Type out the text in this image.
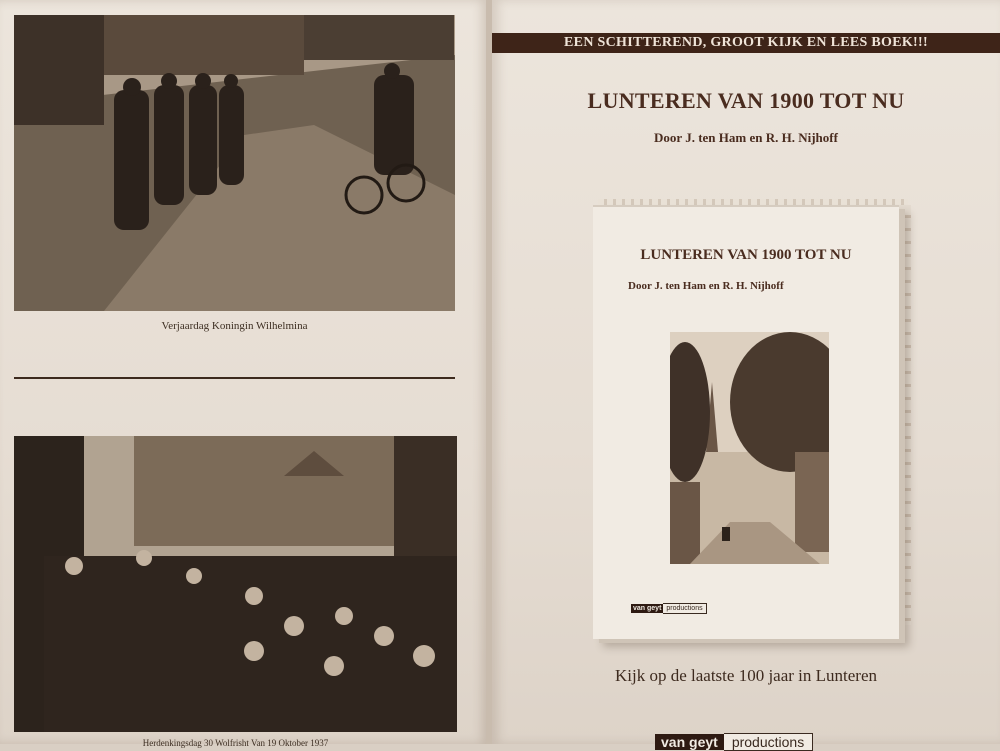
Verjaardag Koningin Wilhelmina
Herdenkingsdag 30 Wolfrisht Van 19 Oktober 1937
EEN SCHITTEREND, GROOT KIJK EN LEES BOEK!!!
LUNTEREN VAN 1900 TOT NU
Door J. ten Ham en R. H. Nijhoff
LUNTEREN VAN 1900 TOT NU
Door J. ten Ham en R. H. Nijhoff
van geyt productions
Kijk op de laatste 100 jaar in Lunteren
van geyt	productions
